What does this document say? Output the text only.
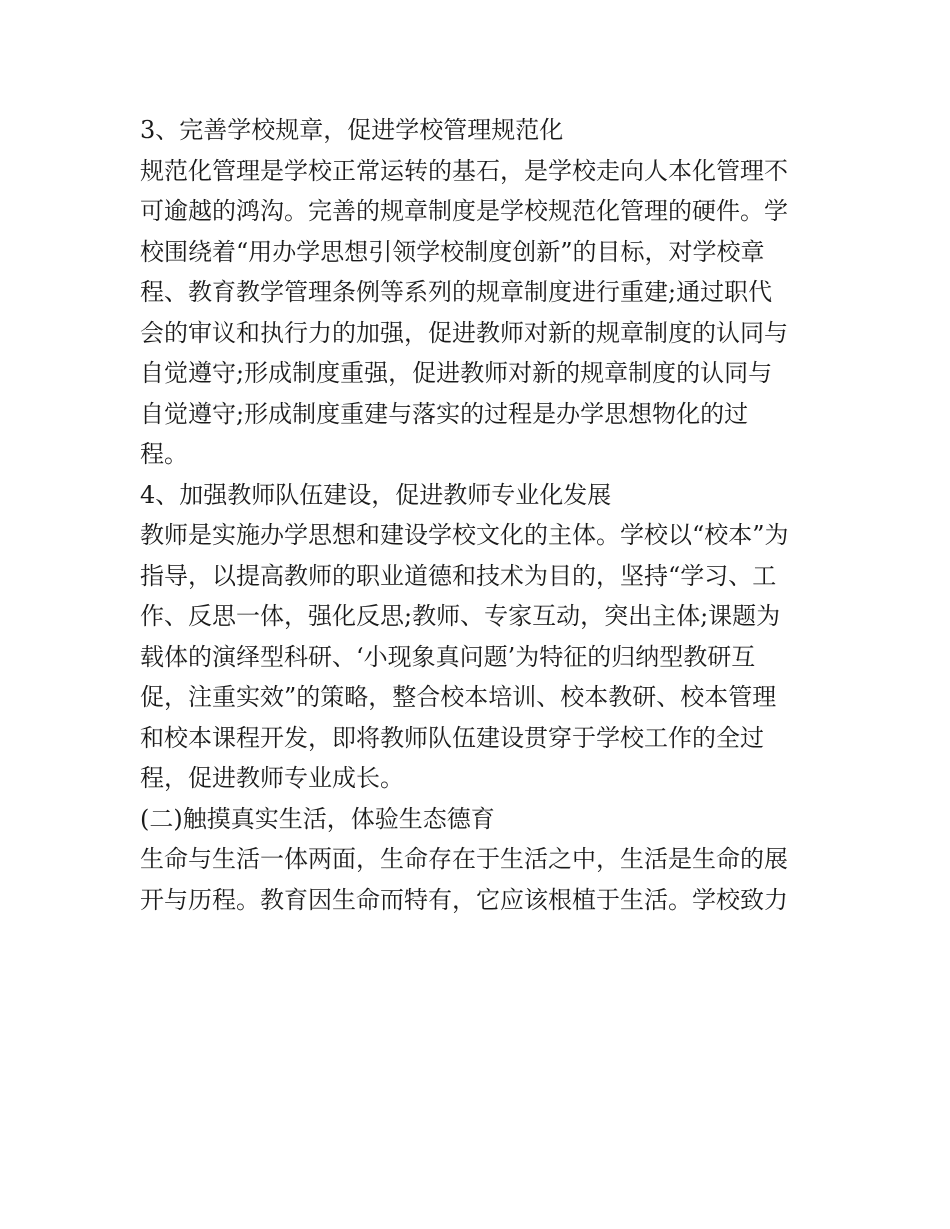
3、完善学校规章，促进学校管理规范化
规范化管理是学校正常运转的基石，是学校走向人本化管理不
可逾越的鸿沟。完善的规章制度是学校规范化管理的硬件。学
校围绕着“用办学思想引领学校制度创新”的目标，对学校章
程、教育教学管理条例等系列的规章制度进行重建;通过职代
会的审议和执行力的加强，促进教师对新的规章制度的认同与
自觉遵守;形成制度重强，促进教师对新的规章制度的认同与
自觉遵守;形成制度重建与落实的过程是办学思想物化的过
程。
4、加强教师队伍建设，促进教师专业化发展
教师是实施办学思想和建设学校文化的主体。学校以“校本”为
指导，以提高教师的职业道德和技术为目的，坚持“学习、工
作、反思一体，强化反思;教师、专家互动，突出主体;课题为
载体的演绎型科研、‘小现象真问题’为特征的归纳型教研互
促，注重实效”的策略，整合校本培训、校本教研、校本管理
和校本课程开发，即将教师队伍建设贯穿于学校工作的全过
程，促进教师专业成长。
(二)触摸真实生活，体验生态德育
生命与生活一体两面，生命存在于生活之中，生活是生命的展
开与历程。教育因生命而特有，它应该根植于生活。学校致力
